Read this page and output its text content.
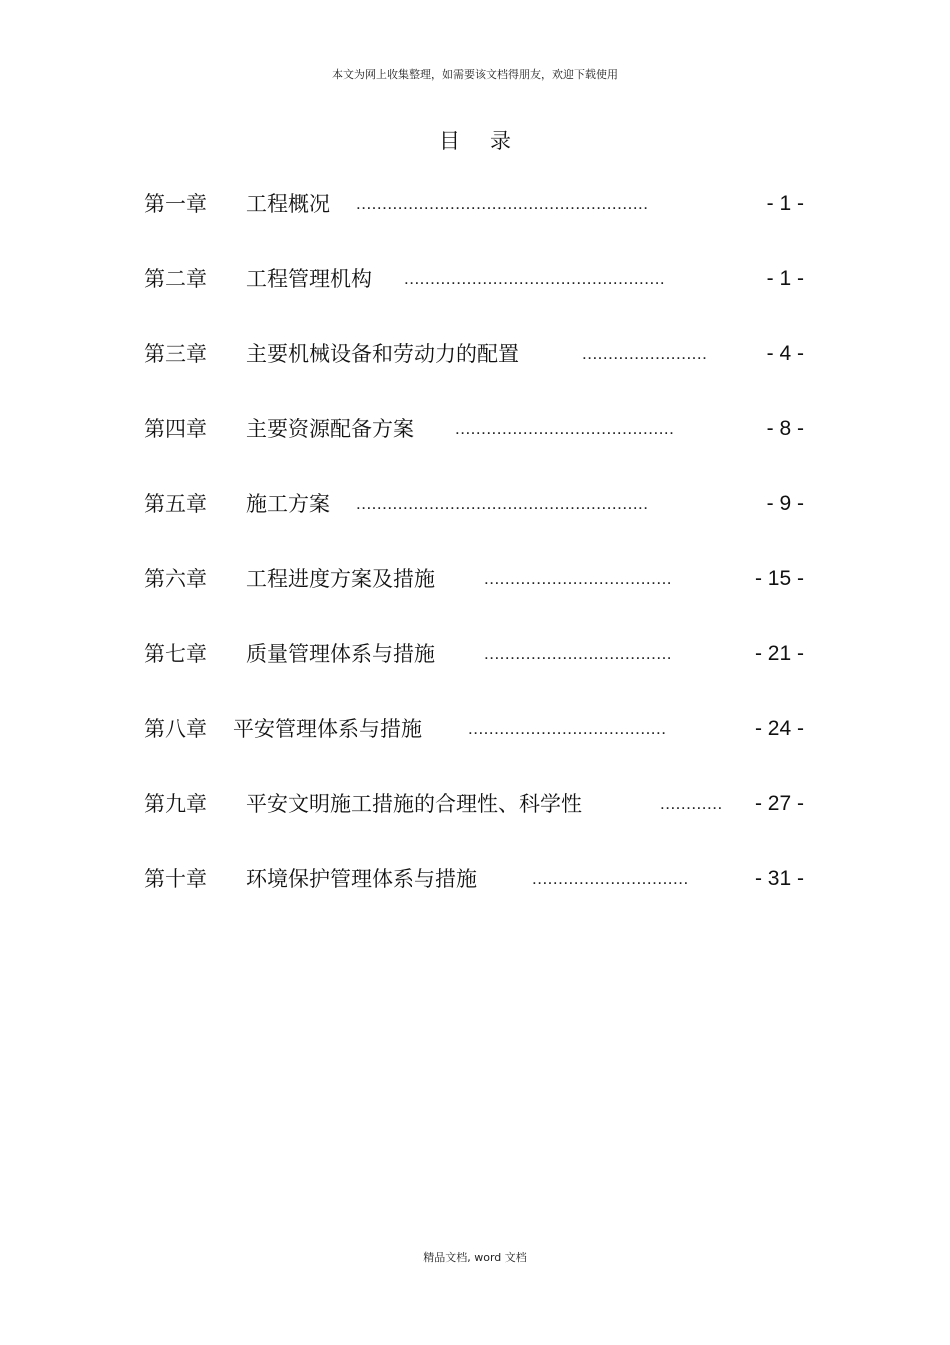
本文为网上收集整理，如需要该文档得朋友，欢迎下载使用
目录
第一章 工程概况 ........................................................	- 1 -
第二章 工程管理机构 ..................................................	- 1 -
第三章 主要机械设备和劳动力的配置	........................	- 4 -
第四章 主要资源配备方案 ..........................................	- 8 -
第五章 施工方案 ........................................................	- 9 -
第六章 工程进度方案及措施	....................................	- 15 -
第七章 质量管理体系与措施	....................................	- 21 -
第八章 平安管理体系与措施	......................................	- 24 -
第九章 平安文明施工措施的合理性、科学性	............	- 27 -
第十章 环境保护管理体系与措施	..............................	- 31 -
精品文档, word 文档
